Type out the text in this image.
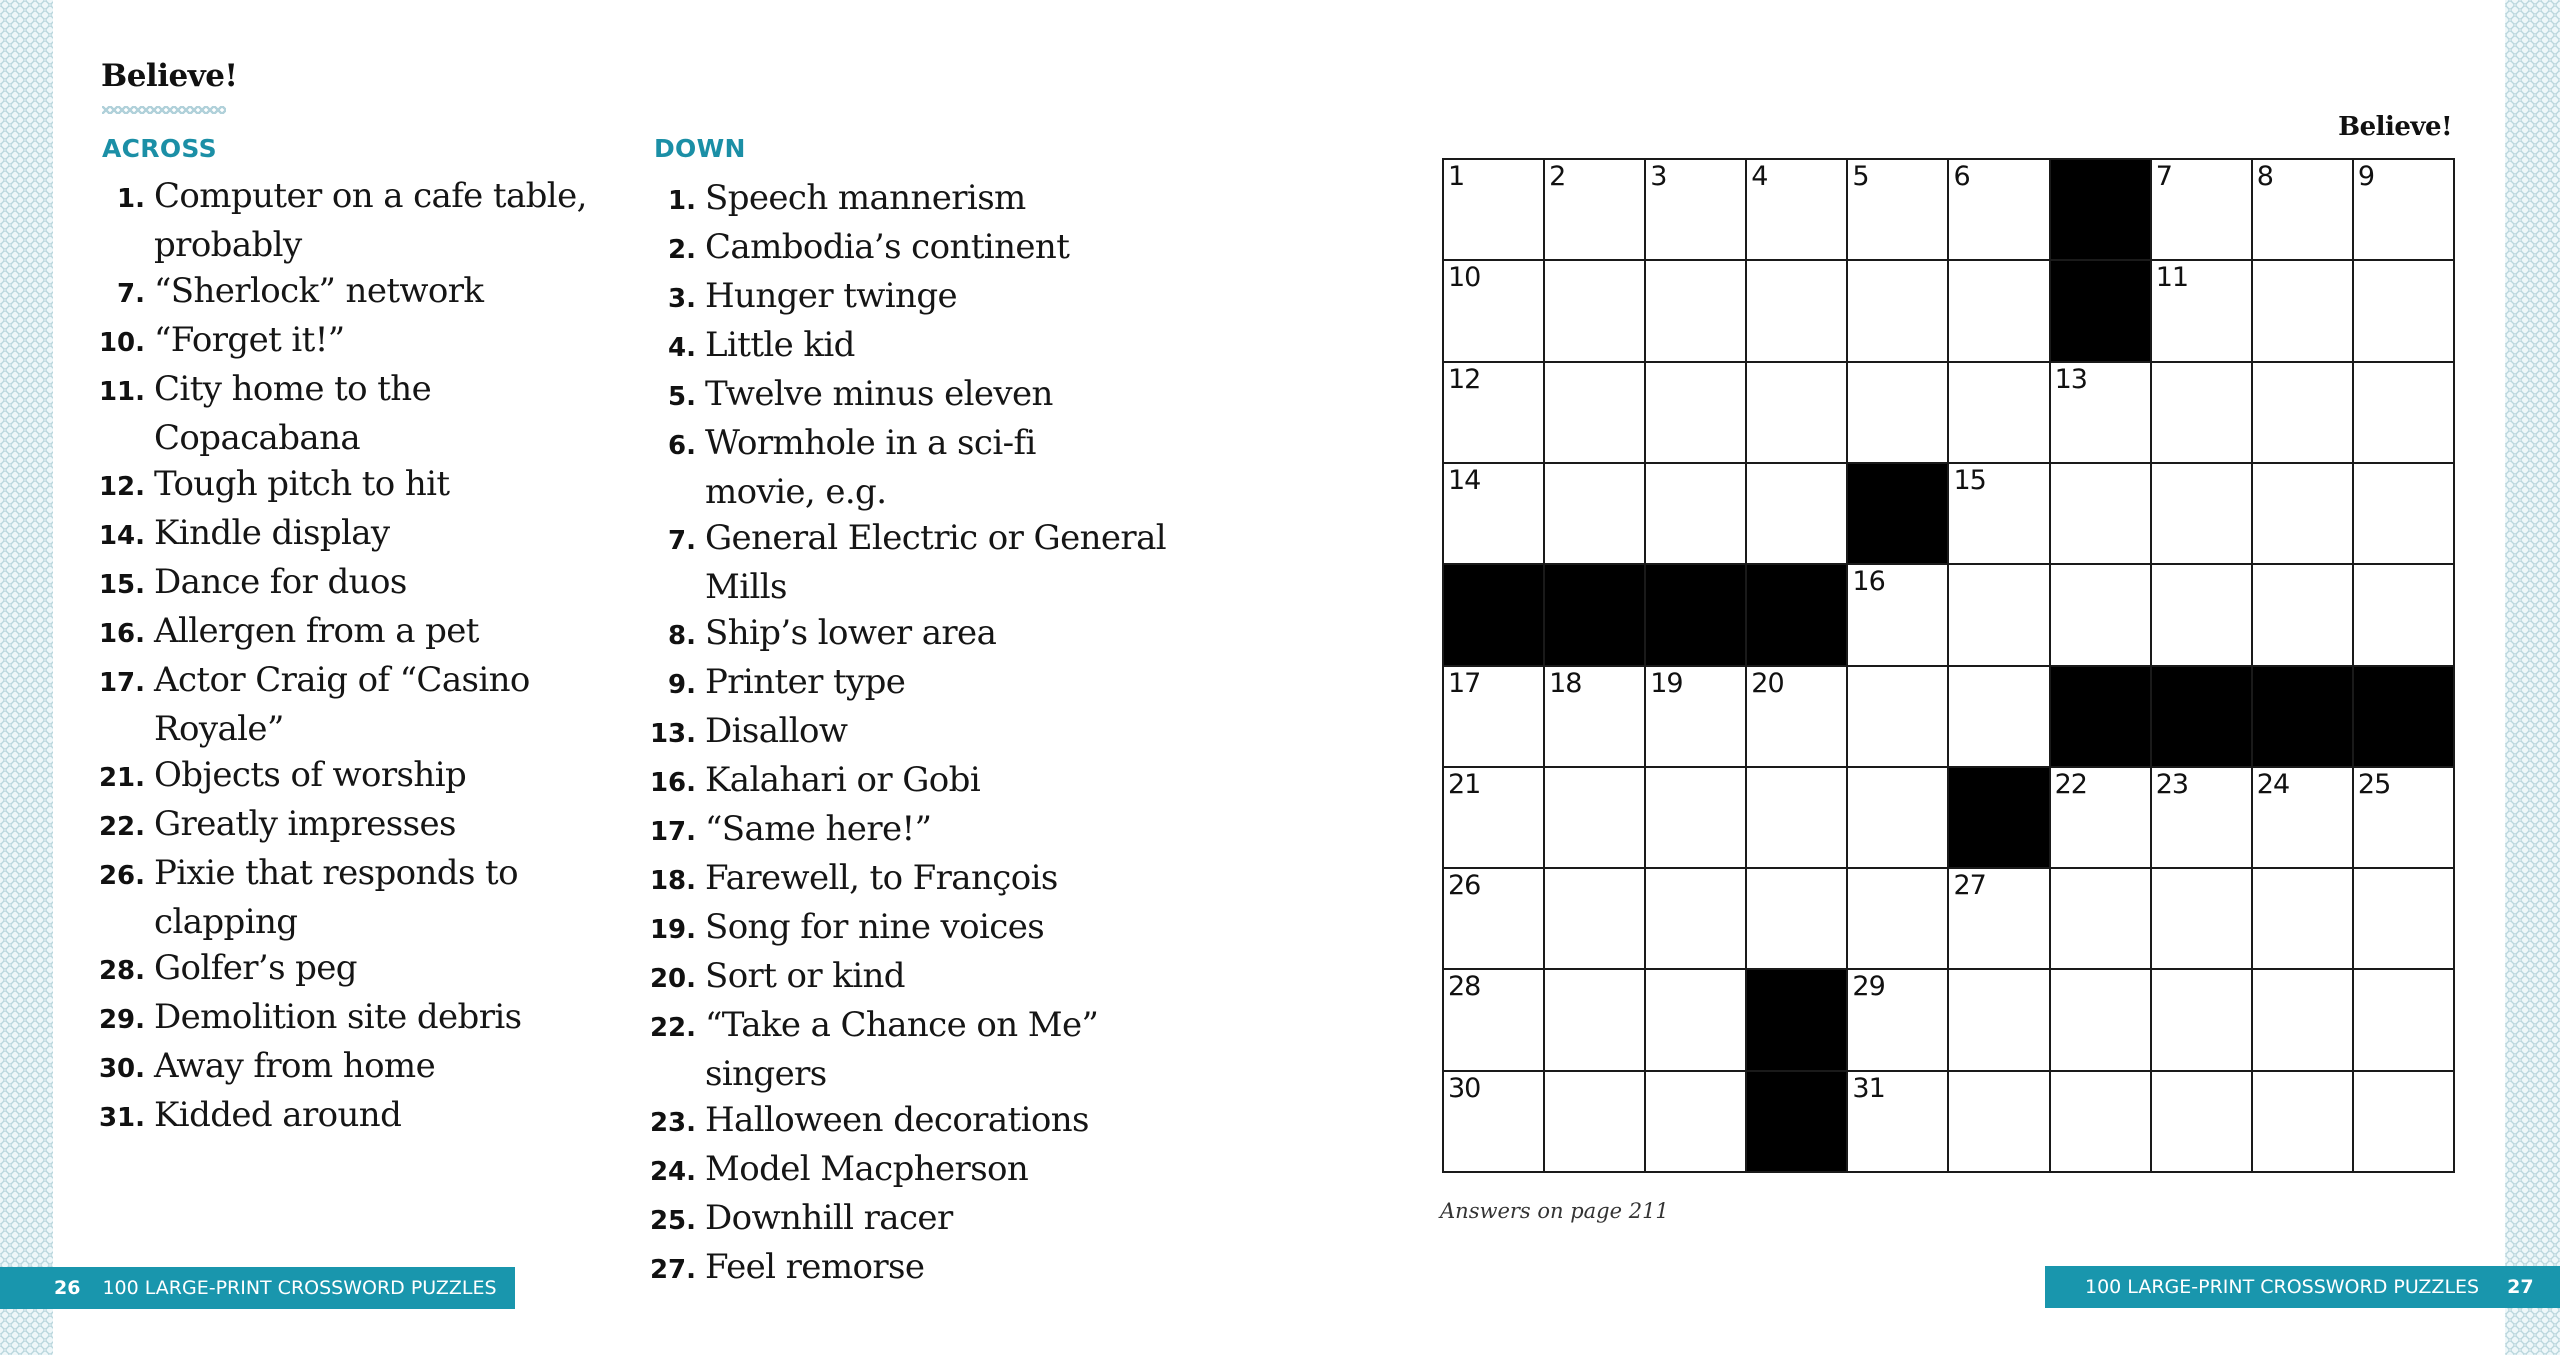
Believe!
ACROSS	DOWN
1. Computer on a cafe table,
probably
7. “Sherlock” network
10. “Forget it!”
11. City home to the
Copacabana
12. Tough pitch to hit
14. Kindle display
15. Dance for duos
16. Allergen from a pet
17. Actor Craig of “Casino
Royale”
21. Objects of worship
22. Greatly impresses
26. Pixie that responds to
clapping
28. Golfer’s peg
29. Demolition site debris
30. Away from home
31. Kidded around
1. Speech mannerism
2. Cambodia’s continent
3. Hunger twinge
4. Little kid
5. Twelve minus eleven
6. Wormhole in a sci-fi
movie, e.g.
7. General Electric or General
Mills
8. Ship’s lower area
9. Printer type
13. Disallow
16. Kalahari or Gobi
17. “Same here!”
18. Farewell, to François
19. Song for nine voices
20. Sort or kind
22. “Take a Chance on Me”
singers
23. Halloween decorations
24. Model Macpherson
25. Downhill racer
27. Feel remorse
Believe!
1	2	3	4	5	6	7	8	9
10	11
12	13
14	15
16
17	18	19	20
21	22	23	24	25
26	27
28	29
30	31
Answers on page 211
26 100 LARGE-PRINT CROSSWORD PUZZLES	100 LARGE-PRINT CROSSWORD PUZZLES 27
